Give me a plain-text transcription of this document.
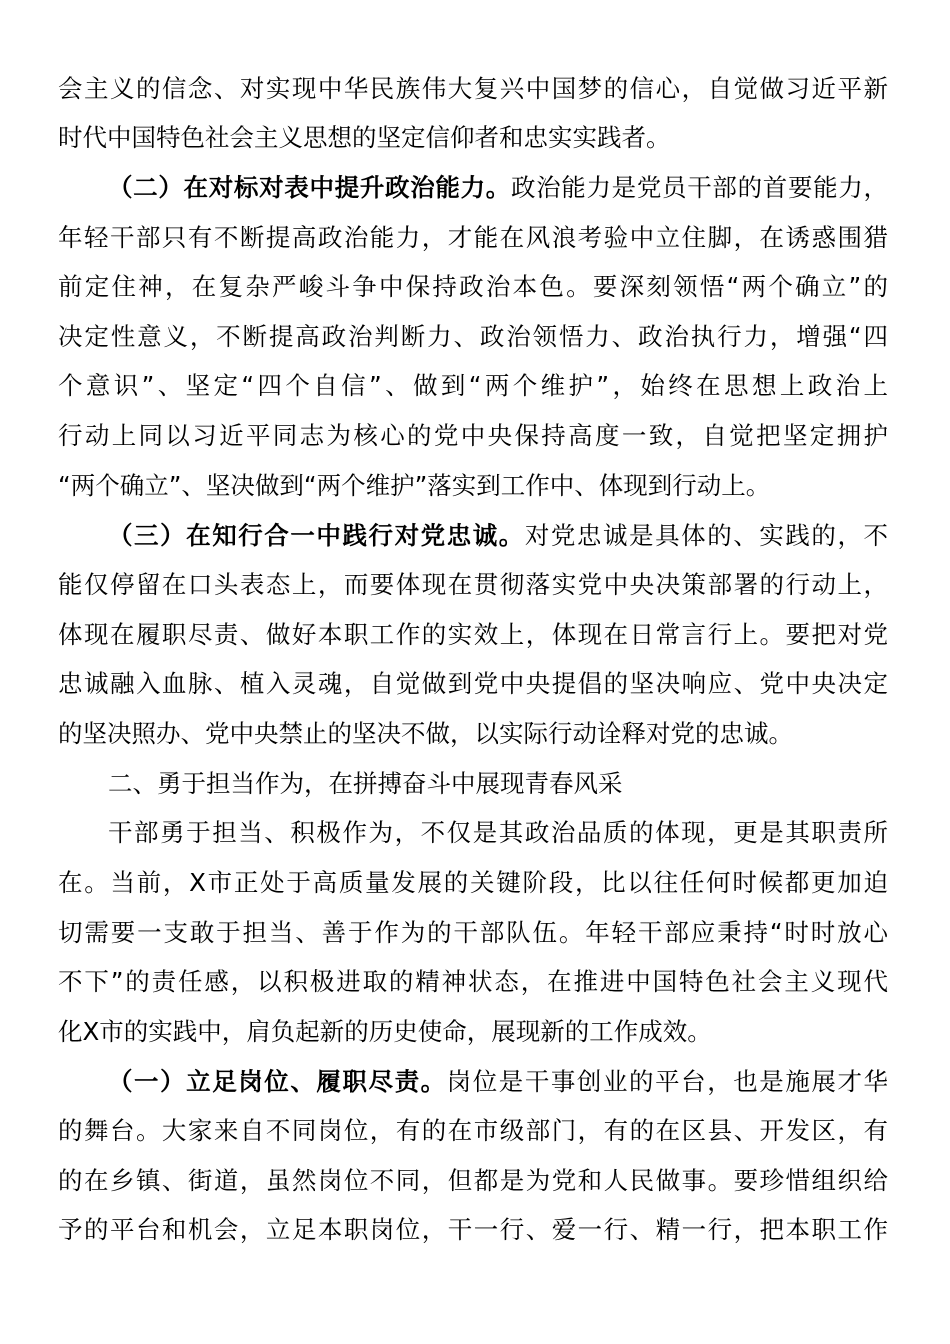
会主义的信念、对实现中华民族伟大复兴中国梦的信心，自觉做习近平新
时代中国特色社会主义思想的坚定信仰者和忠实实践者。
（二）在对标对表中提升政治能力。政治能力是党员干部的首要能力，
年轻干部只有不断提高政治能力，才能在风浪考验中立住脚，在诱惑围猎
前定住神，在复杂严峻斗争中保持政治本色。要深刻领悟“两个确立”的
决定性意义，不断提高政治判断力、政治领悟力、政治执行力，增强“四
个意识”、坚定“四个自信”、做到“两个维护”，始终在思想上政治上
行动上同以习近平同志为核心的党中央保持高度一致，自觉把坚定拥护
“两个确立”、坚决做到“两个维护”落实到工作中、体现到行动上。
（三）在知行合一中践行对党忠诚。对党忠诚是具体的、实践的，不
能仅停留在口头表态上，而要体现在贯彻落实党中央决策部署的行动上，
体现在履职尽责、做好本职工作的实效上，体现在日常言行上。要把对党
忠诚融入血脉、植入灵魂，自觉做到党中央提倡的坚决响应、党中央决定
的坚决照办、党中央禁止的坚决不做，以实际行动诠释对党的忠诚。
二、勇于担当作为，在拼搏奋斗中展现青春风采
干部勇于担当、积极作为，不仅是其政治品质的体现，更是其职责所
在。当前，X市正处于高质量发展的关键阶段，比以往任何时候都更加迫
切需要一支敢于担当、善于作为的干部队伍。年轻干部应秉持“时时放心
不下”的责任感，以积极进取的精神状态，在推进中国特色社会主义现代
化X市的实践中，肩负起新的历史使命，展现新的工作成效。
（一）立足岗位、履职尽责。岗位是干事创业的平台，也是施展才华
的舞台。大家来自不同岗位，有的在市级部门，有的在区县、开发区，有
的在乡镇、街道，虽然岗位不同，但都是为党和人民做事。要珍惜组织给
予的平台和机会，立足本职岗位，干一行、爱一行、精一行，把本职工作
